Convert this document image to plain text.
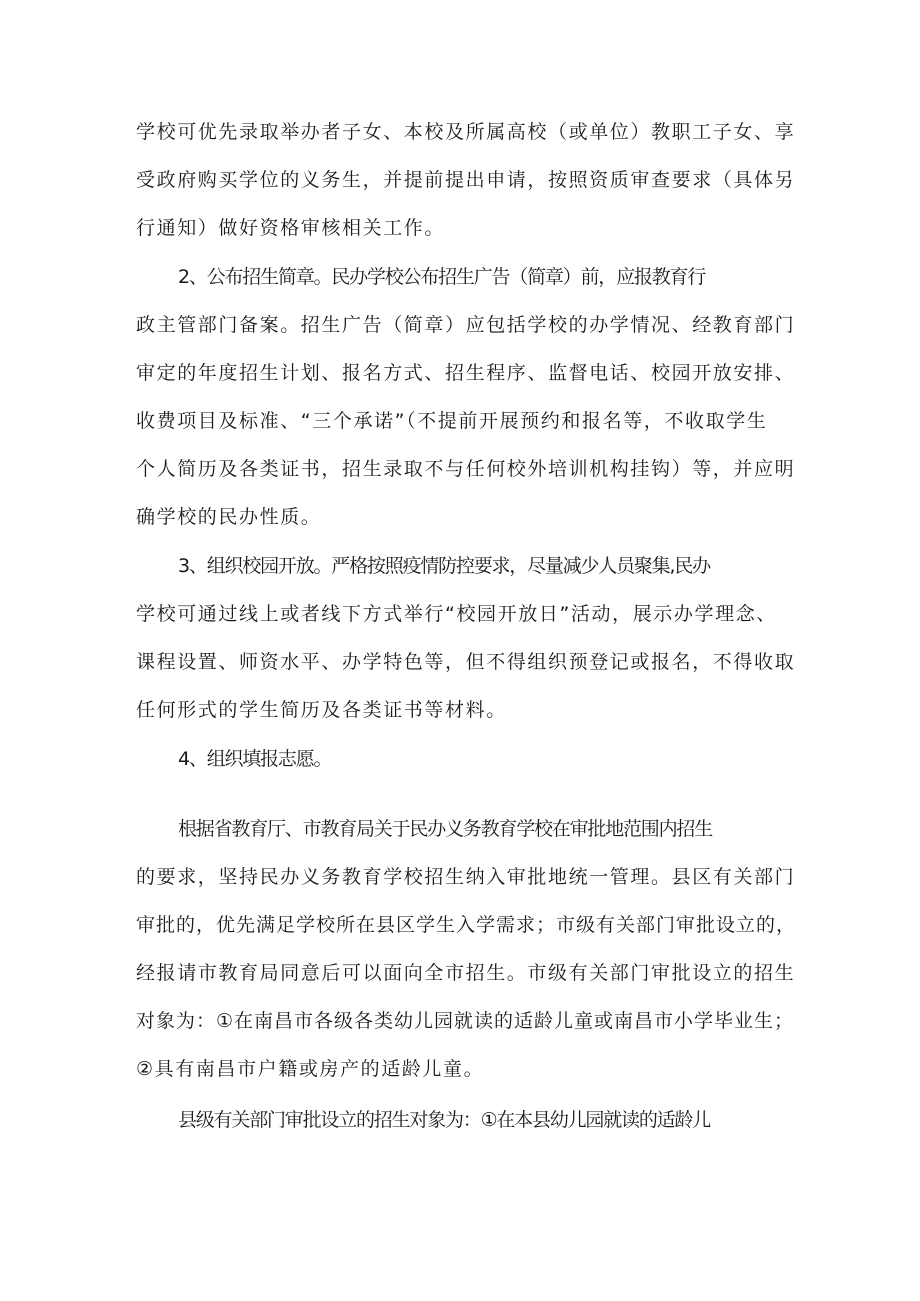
学校可优先录取举办者子女、本校及所属高校（或单位）教职工子女、享
受政府购买学位的义务生，并提前提出申请，按照资质审查要求（具体另
行通知）做好资格审核相关工作。

2、公布招生简章。民办学校公布招生广告（简章）前，应报教育行
政主管部门备案。招生广告（简章）应包括学校的办学情况、经教育部门
审定的年度招生计划、报名方式、招生程序、监督电话、校园开放安排、
收费项目及标准、“三个承诺”（不提前开展预约和报名等，不收取学生
个人简历及各类证书，招生录取不与任何校外培训机构挂钩）等，并应明
确学校的民办性质。

3、组织校园开放。严格按照疫情防控要求，尽量减少人员聚集,民办
学校可通过线上或者线下方式举行“校园开放日”活动，展示办学理念、
课程设置、师资水平、办学特色等，但不得组织预登记或报名，不得收取
任何形式的学生简历及各类证书等材料。

4、组织填报志愿。

根据省教育厅、市教育局关于民办义务教育学校在审批地范围内招生
的要求，坚持民办义务教育学校招生纳入审批地统一管理。县区有关部门
审批的，优先满足学校所在县区学生入学需求；市级有关部门审批设立的，
经报请市教育局同意后可以面向全市招生。市级有关部门审批设立的招生
对象为：①在南昌市各级各类幼儿园就读的适龄儿童或南昌市小学毕业生；
②具有南昌市户籍或房产的适龄儿童。

县级有关部门审批设立的招生对象为：①在本县幼儿园就读的适龄儿
